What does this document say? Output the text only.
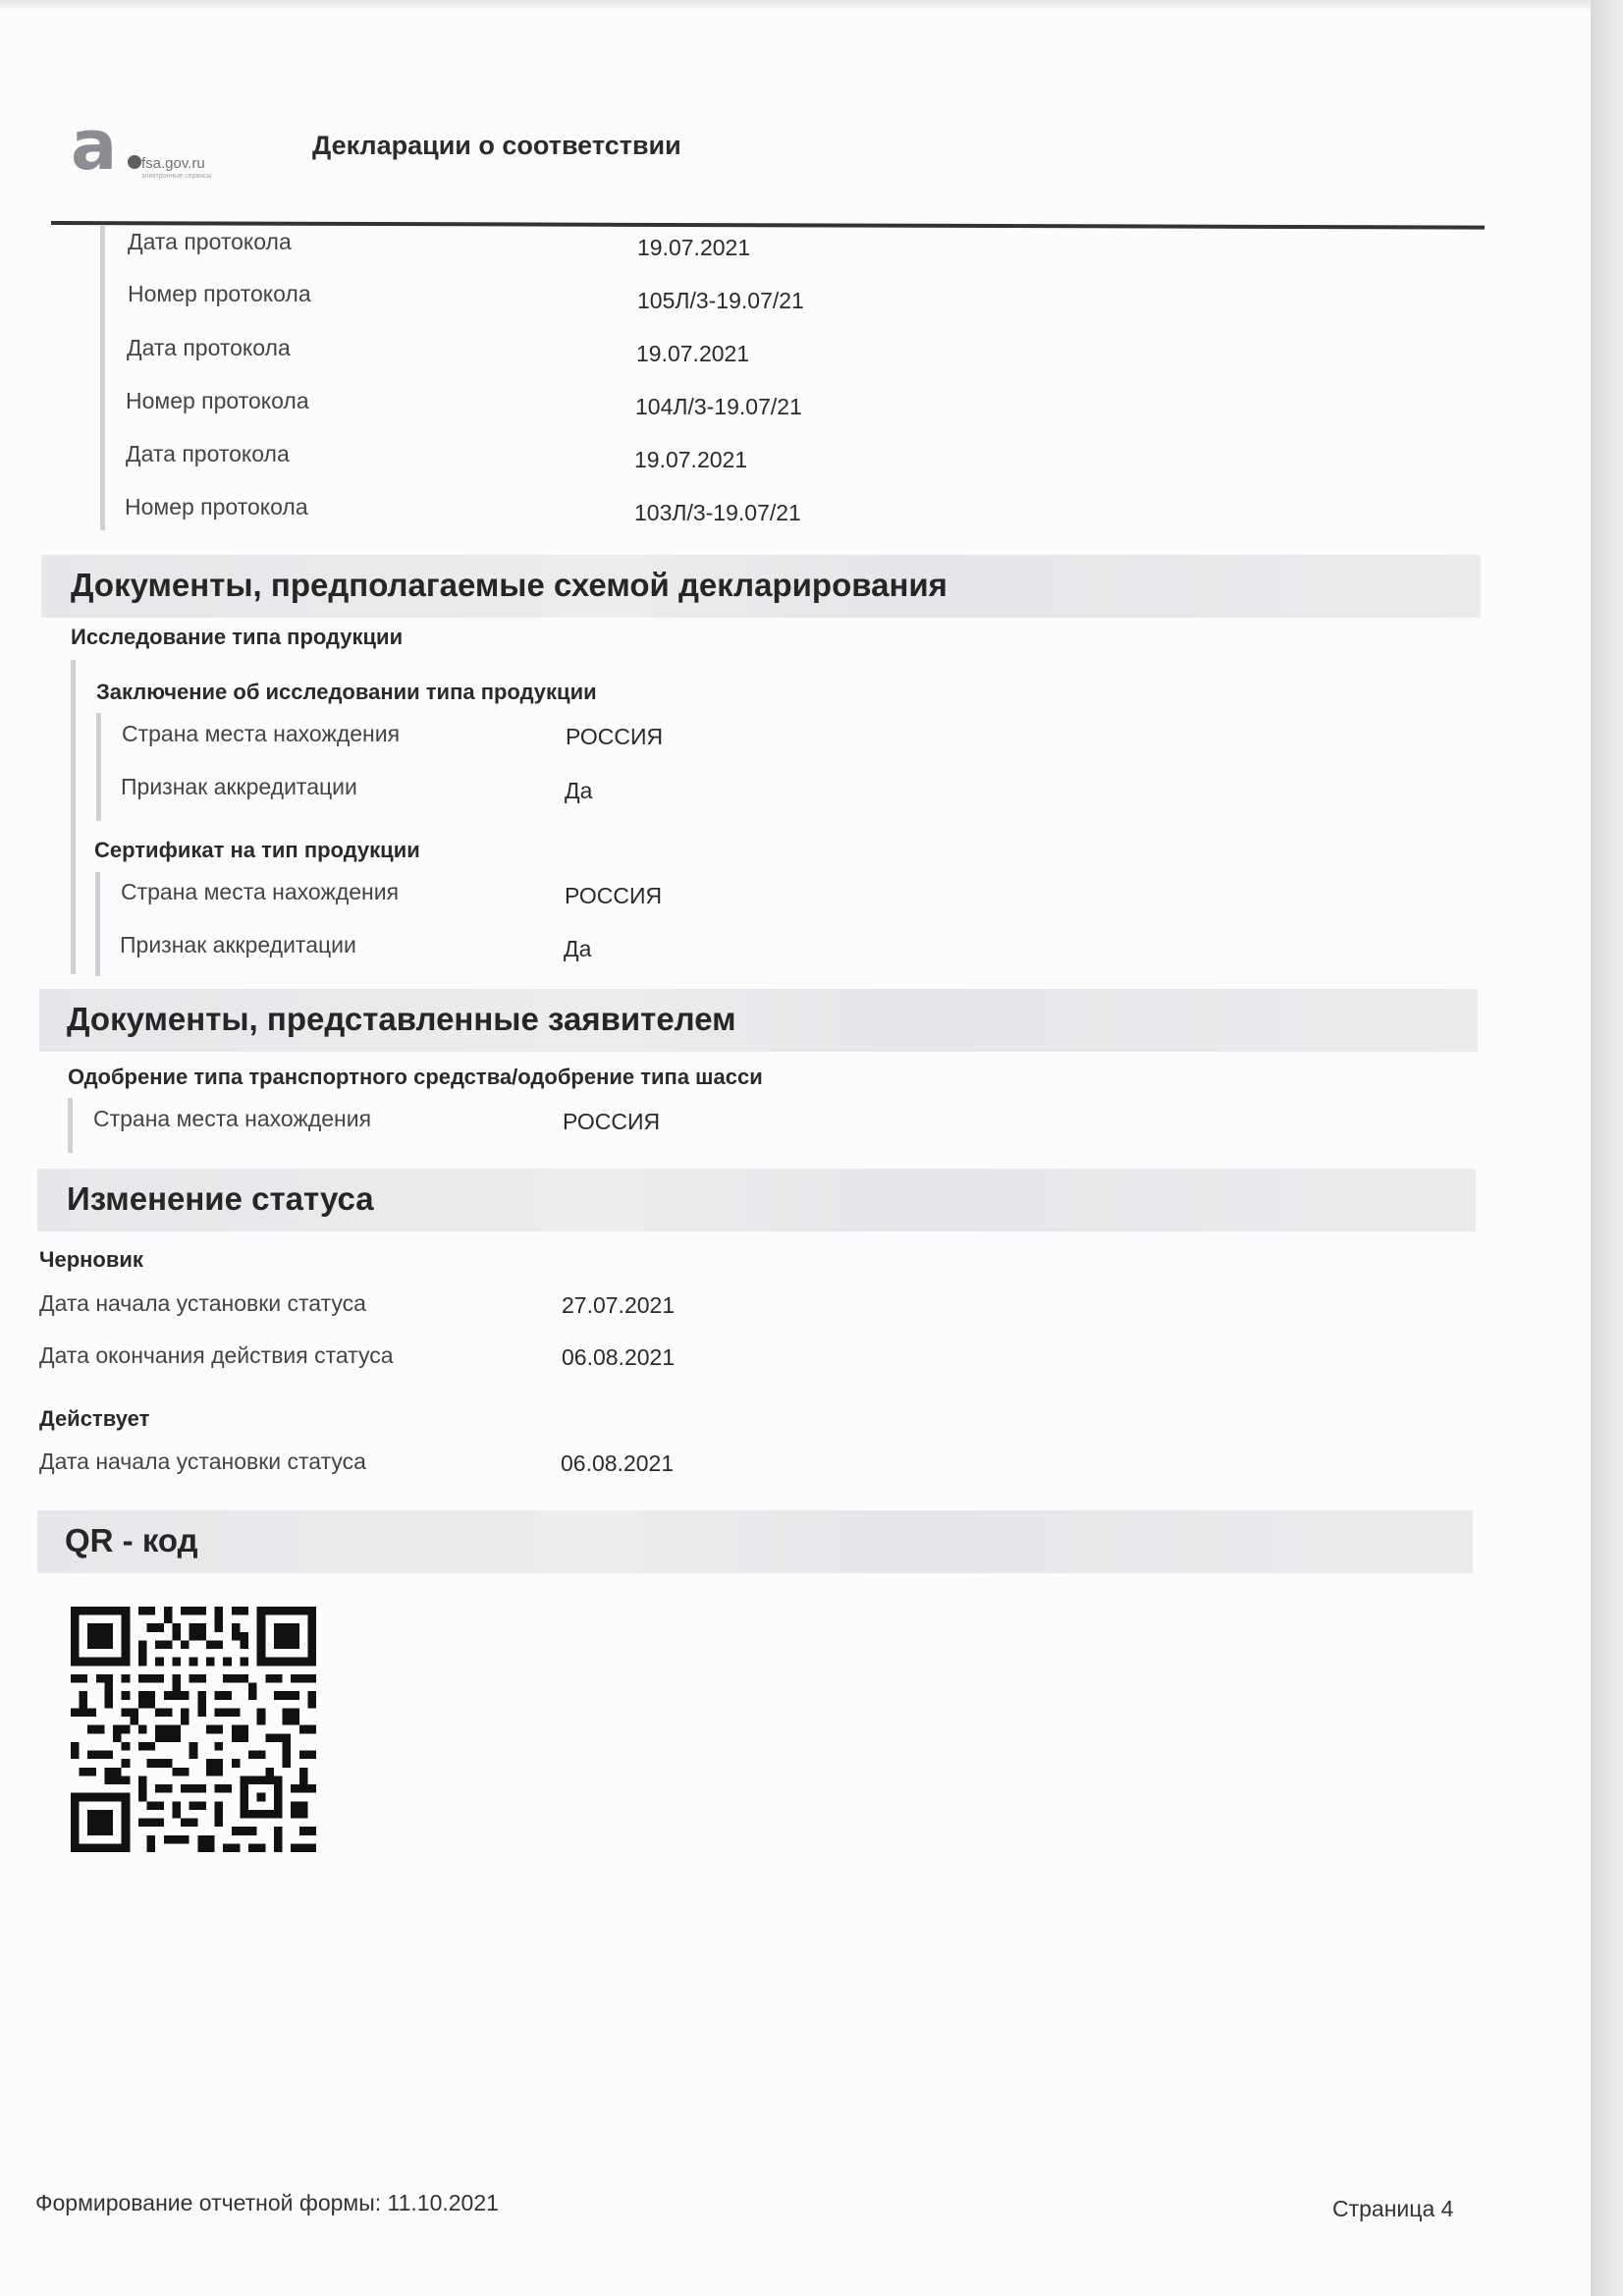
a fsa.gov.ru
электронные сервисы
Декларации о соответствии
Дата протокола	19.07.2021
Номер протокола	105Л/3-19.07/21
Дата протокола	19.07.2021
Номер протокола	104Л/3-19.07/21
Дата протокола	19.07.2021
Номер протокола	103Л/3-19.07/21
Документы, предполагаемые схемой декларирования
Исследование типа продукции
Заключение об исследовании типа продукции
Страна места нахождения	РОССИЯ
Признак аккредитации	Да
Сертификат на тип продукции
Страна места нахождения	РОССИЯ
Признак аккредитации	Да
Документы, представленные заявителем
Одобрение типа транспортного средства/одобрение типа шасси
Страна места нахождения	РОССИЯ
Изменение статуса
Черновик
Дата начала установки статуса	27.07.2021
Дата окончания действия статуса	06.08.2021
Действует
Дата начала установки статуса	06.08.2021
QR - код
Формирование отчетной формы: 11.10.2021	Страница 4
